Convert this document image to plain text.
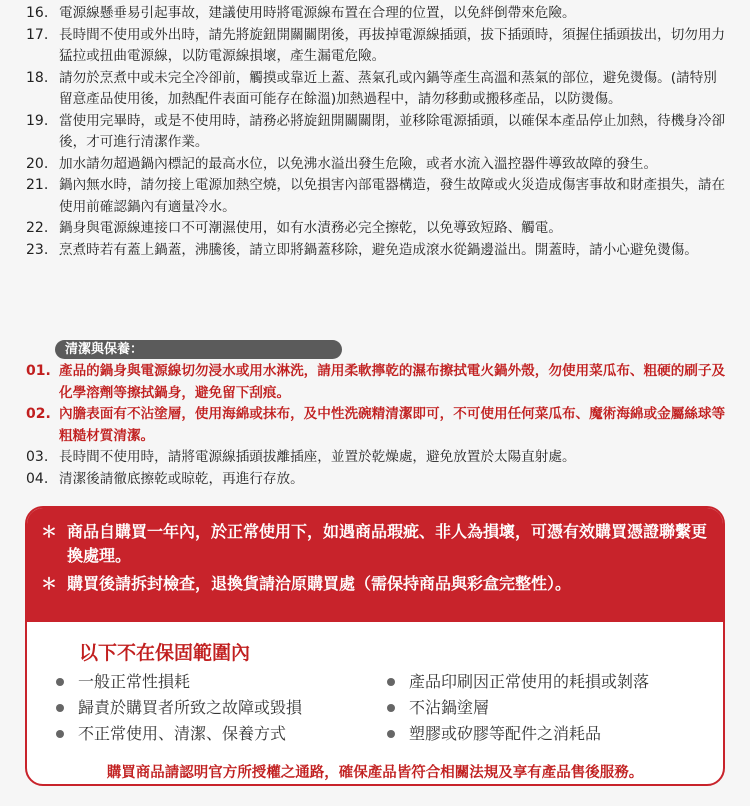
16. 電源線懸垂易引起事故，建議使用時將電源線布置在合理的位置，以免絆倒帶來危險。
17. 長時間不使用或外出時，請先將旋鈕開關關閉後，再拔掉電源線插頭，拔下插頭時，須握住插頭拔出，切勿用力猛拉或扭曲電源線，以防電源線損壞，產生漏電危險。
18. 請勿於烹煮中或未完全冷卻前，觸摸或靠近上蓋、蒸氣孔或內鍋等產生高溫和蒸氣的部位，避免燙傷。(請特別留意產品使用後，加熱配件表面可能存在餘溫)加熱過程中，請勿移動或搬移產品，以防燙傷。
19. 當使用完畢時，或是不使用時，請務必將旋鈕開關關閉，並移除電源插頭，以確保本產品停止加熱，待機身冷卻後，才可進行清潔作業。
20. 加水請勿超過鍋內標記的最高水位，以免沸水溢出發生危險，或者水流入溫控器件導致故障的發生。
21. 鍋內無水時，請勿接上電源加熱空燒，以免損害內部電器構造，發生故障或火災造成傷害事故和財產損失，請在使用前確認鍋內有適量冷水。
22. 鍋身與電源線連接口不可潮濕使用，如有水漬務必完全擦乾，以免導致短路、觸電。
23. 烹煮時若有蓋上鍋蓋，沸騰後，請立即將鍋蓋移除，避免造成滾水從鍋邊溢出。開蓋時，請小心避免燙傷。
清潔與保養：
01. 產品的鍋身與電源線切勿浸水或用水淋洗，請用柔軟擰乾的濕布擦拭電火鍋外殼，勿使用菜瓜布、粗硬的刷子及化學溶劑等擦拭鍋身，避免留下刮痕。
02. 內膽表面有不沾塗層，使用海綿或抹布，及中性洗碗精清潔即可，不可使用任何菜瓜布、魔術海綿或金屬絲球等粗糙材質清潔。
03. 長時間不使用時，請將電源線插頭拔離插座，並置於乾燥處，避免放置於太陽直射處。
04. 清潔後請徹底擦乾或晾乾，再進行存放。
＊ 商品自購買一年內，於正常使用下，如遇商品瑕疵、非人為損壞，可憑有效購買憑證聯繫更換處理。
＊ 購買後請拆封檢查，退換貨請洽原購買處（需保持商品與彩盒完整性）。
以下不在保固範圍內
一般正常性損耗
歸責於購買者所致之故障或毀損
不正常使用、清潔、保養方式
產品印刷因正常使用的耗損或剝落
不沾鍋塗層
塑膠或矽膠等配件之消耗品
購買商品請認明官方所授權之通路，確保產品皆符合相關法規及享有產品售後服務。
